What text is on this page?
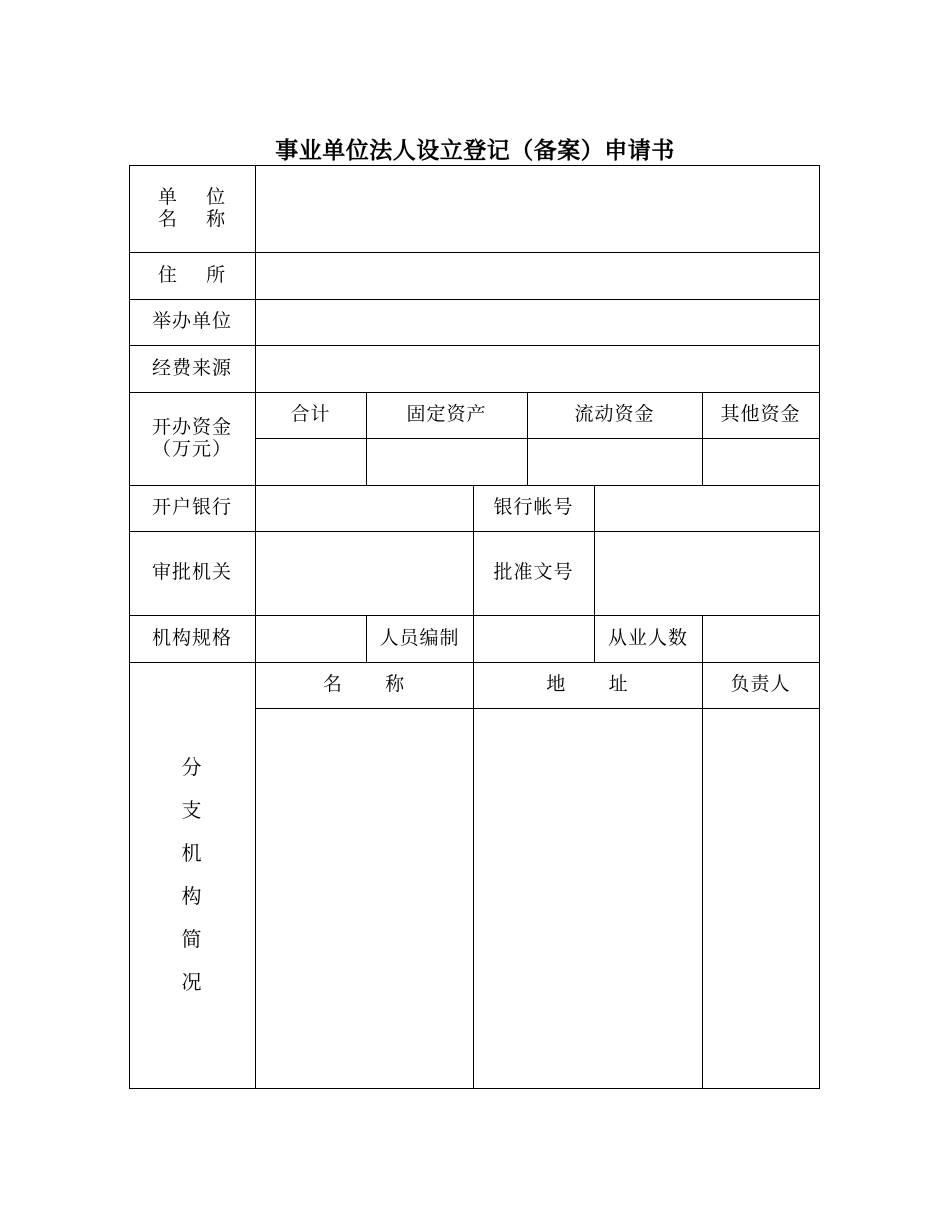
事业单位法人设立登记（备案）申请书
单    位
名    称
住    所
举办单位
经费来源
开办资金
（万元）
合计	固定资产	流动资金	其他资金
开户银行	银行帐号
审批机关	批准文号
机构规格	人员编制	从业人数
分
支
机
构
简
况
名      称	地      址	负责人
